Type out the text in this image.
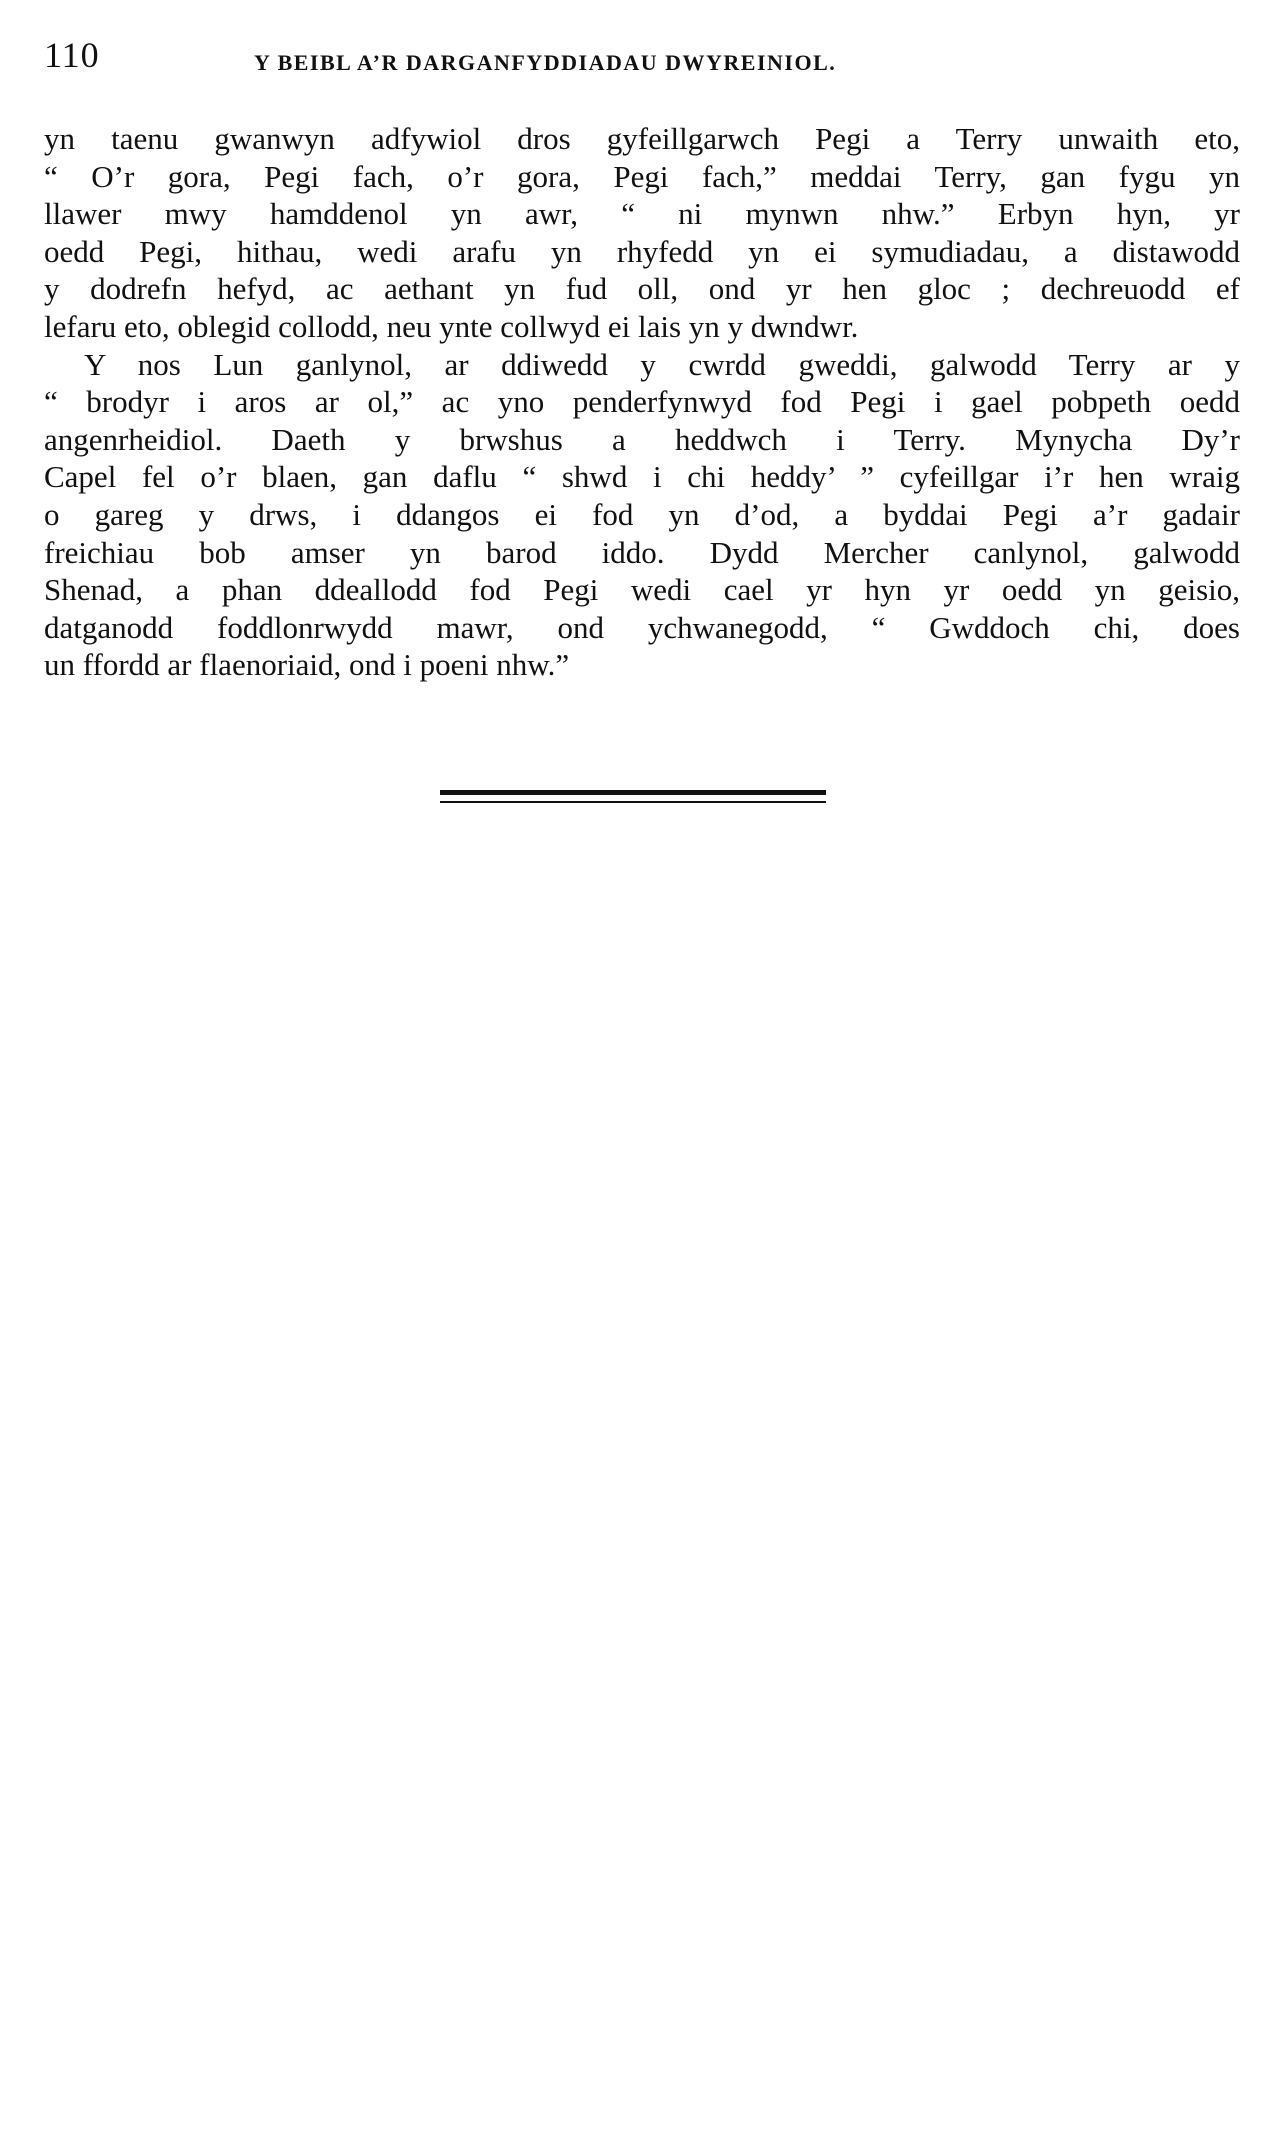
110	Y BEIBL A’R DARGANFYDDIADAU DWYREINIOL.
yn taenu gwanwyn adfywiol dros gyfeillgarwch Pegi a Terry unwaith eto,
“ O’r gora, Pegi fach, o’r gora, Pegi fach,” meddai Terry, gan fygu yn
llawer mwy hamddenol yn awr, “ ni mynwn nhw.” Erbyn hyn, yr
oedd Pegi, hithau, wedi arafu yn rhyfedd yn ei symudiadau, a distawodd
y dodrefn hefyd, ac aethant yn fud oll, ond yr hen gloc ; dechreuodd ef
lefaru eto, oblegid collodd, neu ynte collwyd ei lais yn y dwndwr.
Y nos Lun ganlynol, ar ddiwedd y cwrdd gweddi, galwodd Terry ar y
“ brodyr i aros ar ol,” ac yno penderfynwyd fod Pegi i gael pobpeth oedd
angenrheidiol. Daeth y brwshus a heddwch i Terry. Mynycha Dy’r
Capel fel o’r blaen, gan daflu “ shwd i chi heddy’ ” cyfeillgar i’r hen wraig
o gareg y drws, i ddangos ei fod yn d’od, a byddai Pegi a’r gadair
freichiau bob amser yn barod iddo. Dydd Mercher canlynol, galwodd
Shenad, a phan ddeallodd fod Pegi wedi cael yr hyn yr oedd yn geisio,
datganodd foddlonrwydd mawr, ond ychwanegodd, “ Gwddoch chi, does
un ffordd ar flaenoriaid, ond i poeni nhw.”
